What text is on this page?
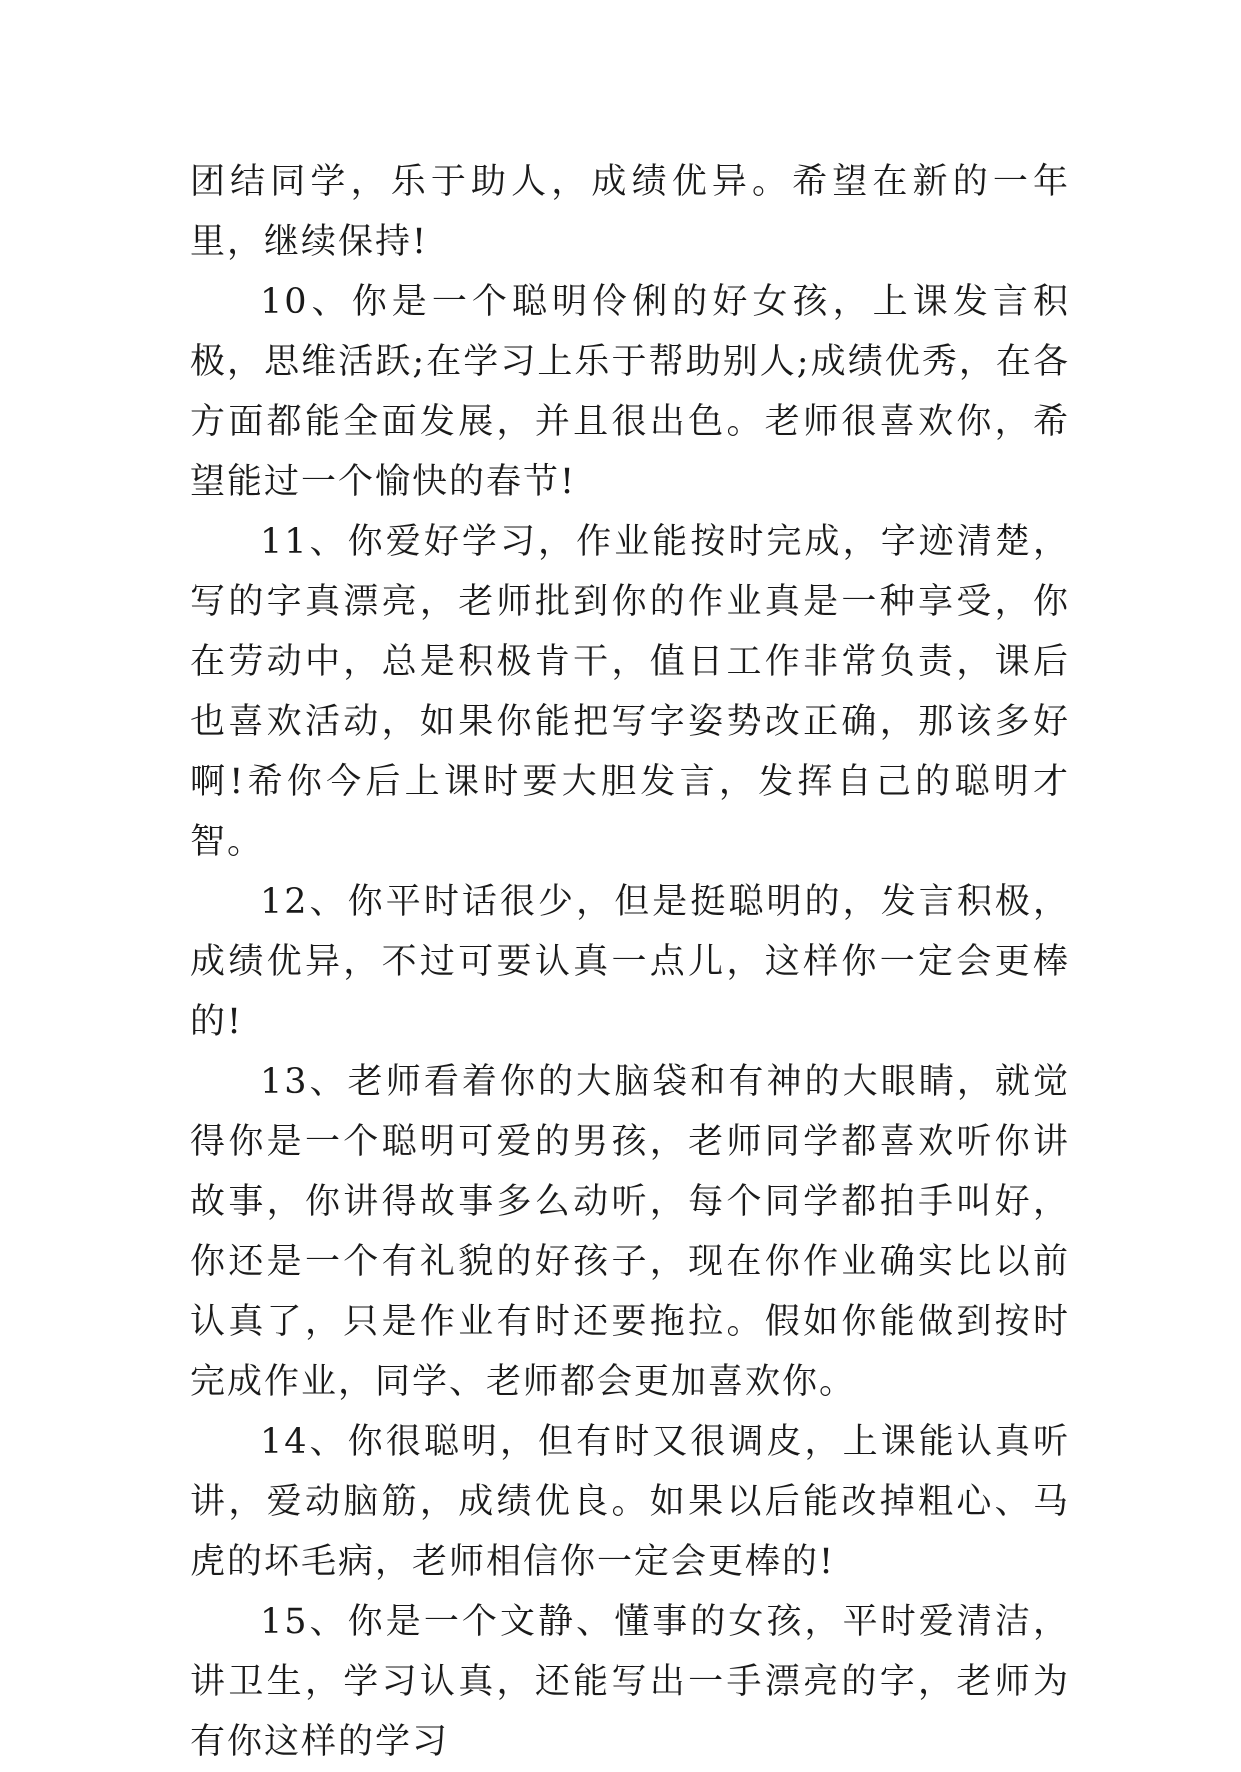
团结同学，乐于助人，成绩优异。希望在新的一年里，继续保持!

10、你是一个聪明伶俐的好女孩，上课发言积极，思维活跃;在学习上乐于帮助别人;成绩优秀，在各方面都能全面发展，并且很出色。老师很喜欢你，希望能过一个愉快的春节!

11、你爱好学习，作业能按时完成，字迹清楚，写的字真漂亮，老师批到你的作业真是一种享受，你在劳动中，总是积极肯干，值日工作非常负责，课后也喜欢活动，如果你能把写字姿势改正确，那该多好啊!希你今后上课时要大胆发言，发挥自己的聪明才智。

12、你平时话很少，但是挺聪明的，发言积极，成绩优异，不过可要认真一点儿，这样你一定会更棒的!

13、老师看着你的大脑袋和有神的大眼睛，就觉得你是一个聪明可爱的男孩，老师同学都喜欢听你讲故事，你讲得故事多么动听，每个同学都拍手叫好，你还是一个有礼貌的好孩子，现在你作业确实比以前认真了，只是作业有时还要拖拉。假如你能做到按时完成作业，同学、老师都会更加喜欢你。

14、你很聪明，但有时又很调皮，上课能认真听讲，爱动脑筋，成绩优良。如果以后能改掉粗心、马虎的坏毛病，老师相信你一定会更棒的!

15、你是一个文静、懂事的女孩，平时爱清洁，讲卫生，学习认真，还能写出一手漂亮的字，老师为有你这样的学习
